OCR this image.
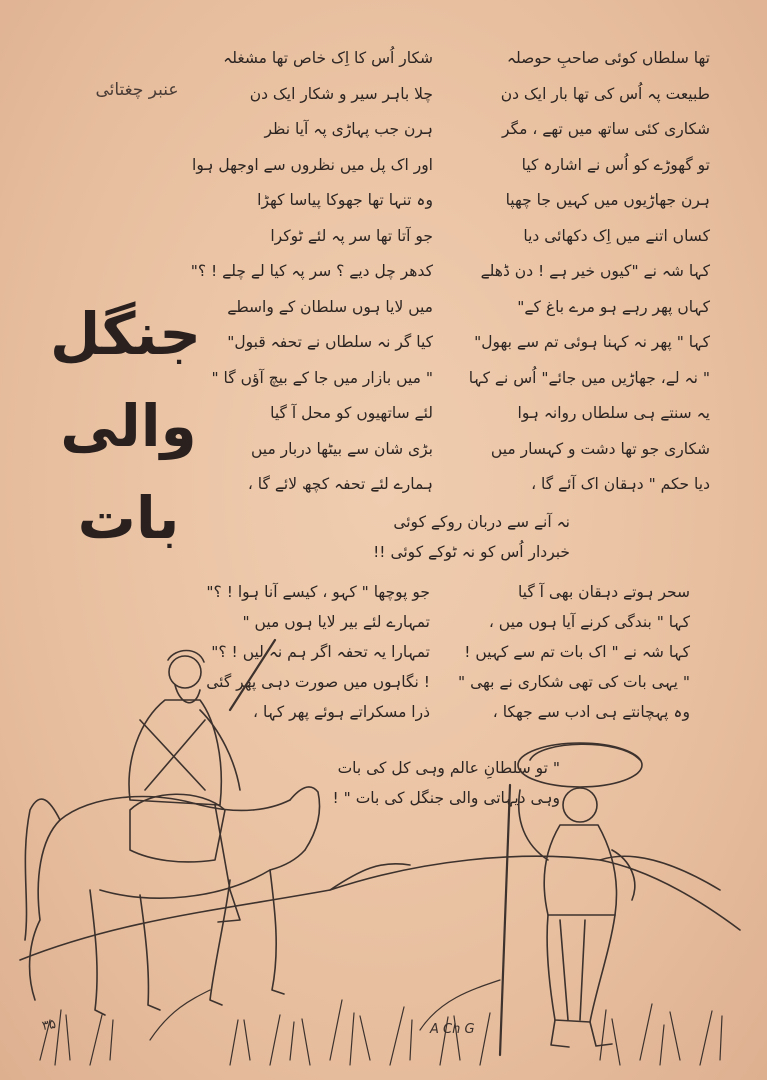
عنبر چغتائی
جنگل
والی
بات
تھا سلطاں کوئی صاحبِ حوصلہ
طبیعت پہ اُس کی تھا بار ایک دن
شکاری کئی ساتھ میں تھے ، مگر
تو گھوڑے کو اُس نے اشارہ کیا
ہرن جھاڑیوں میں کہیں جا چھپا
کساں اتنے میں اِک دکھائی دیا
کہا شہ نے "کیوں خیر ہے ! دن ڈھلے
کہاں پھر رہے ہو مرے باغ کے"
کہا " پھر نہ کہنا ہوئی تم سے بھول"
" نہ لے، جھاڑیں میں جائے" اُس نے کہا
یہ سنتے ہی سلطاں روانہ ہوا
شکاری جو تھا دشت و کہسار میں
دیا حکم " دہقان اک آئے گا ،
شکار اُس کا اِک خاص تھا مشغلہ
چلا باہر سیر و شکار ایک دن
ہرن جب پہاڑی پہ آیا نظر
اور اک پل میں نظروں سے اوجھل ہوا
وہ تنہا تھا جھوکا پیاسا کھڑا
جو آتا تھا سر پہ لئے ٹوکرا
کدھر چل دیے ؟ سر پہ کیا لے چلے ! ؟"
میں لایا ہوں سلطان کے واسطے
کیا گر نہ سلطاں نے تحفہ قبول"
" میں بازار میں جا کے بیچ آؤں گا "
لئے ساتھیوں کو محل آ گیا
بڑی شان سے بیٹھا دربار میں
ہمارے لئے تحفہ کچھ لائے گا ،
نہ آنے سے دربان روکے کوئی
خبردار اُس کو نہ ٹوکے کوئی !!
سحر ہوتے دہقان بھی آ گیا
کہا " بندگی کرنے آیا ہوں میں ،
کہا شہ نے " اک بات تم سے کہیں !
" یہی بات کی تھی شکاری نے بھی "
وہ پہچانتے ہی ادب سے جھکا ،
جو پوچھا " کہو ، کیسے آنا ہوا ! ؟"
تمہارے لئے بیر لایا ہوں میں "
تمہارا یہ تحفہ اگر ہم نہ لیں ! ؟"
! نگاہوں میں صورت دہی پھر گئی
ذرا مسکراتے ہوئے پھر کہا ،
" تو سلطانِ عالم وہی کل کی بات
وہی دیہاتی والی جنگل کی بات " !
۳۵	A Ch G
